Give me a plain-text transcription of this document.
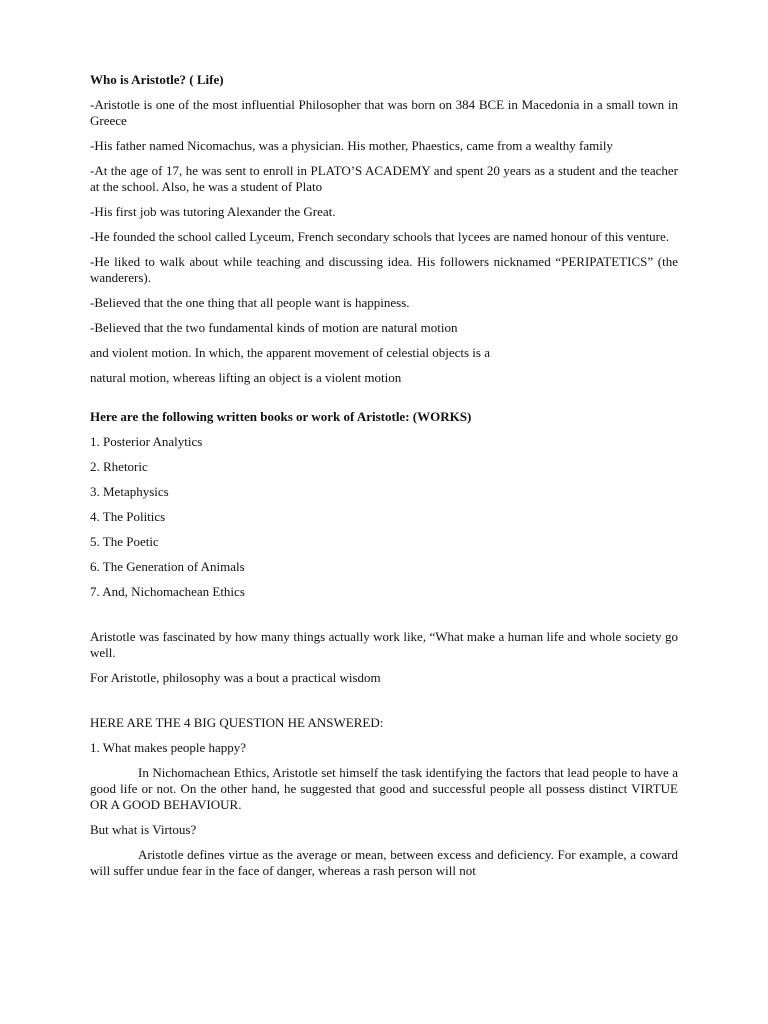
Who is Aristotle? ( Life)

-Aristotle is one of the most influential Philosopher that was born on 384 BCE in Macedonia in a small town in Greece

-His father named Nicomachus, was a physician. His mother, Phaestics, came from a wealthy family

-At the age of 17, he was sent to enroll in PLATO’S ACADEMY and spent 20 years as a student and the teacher at the school. Also, he was a student of Plato

-His first job was tutoring Alexander the Great.

-He founded the school called Lyceum, French secondary schools that lycees are named honour of this venture.

-He liked to walk about while teaching and discussing idea. His followers nicknamed “PERIPATETICS” (the wanderers).

-Believed that the one thing that all people want is happiness.

-Believed that the two fundamental kinds of motion are natural motion

and violent motion. In which, the apparent movement of celestial objects is a

natural motion, whereas lifting an object is a violent motion

Here are the following written books or work of Aristotle: (WORKS)

1. Posterior Analytics

2. Rhetoric

3. Metaphysics

4. The Politics

5. The Poetic

6. The Generation of Animals

7. And, Nichomachean Ethics

Aristotle was fascinated by how many things actually work like, “What make a human life and whole society go well.

For Aristotle, philosophy was a bout a practical wisdom

HERE ARE THE 4 BIG QUESTION HE ANSWERED:

1. What makes people happy?

In Nichomachean Ethics, Aristotle set himself the task identifying the factors that lead people to have a good life or not. On the other hand, he suggested that good and successful people all possess distinct VIRTUE OR A GOOD BEHAVIOUR.

But what is Virtous?

Aristotle defines virtue as the average or mean, between excess and deficiency. For example, a coward will suffer undue fear in the face of danger, whereas a rash person will not
